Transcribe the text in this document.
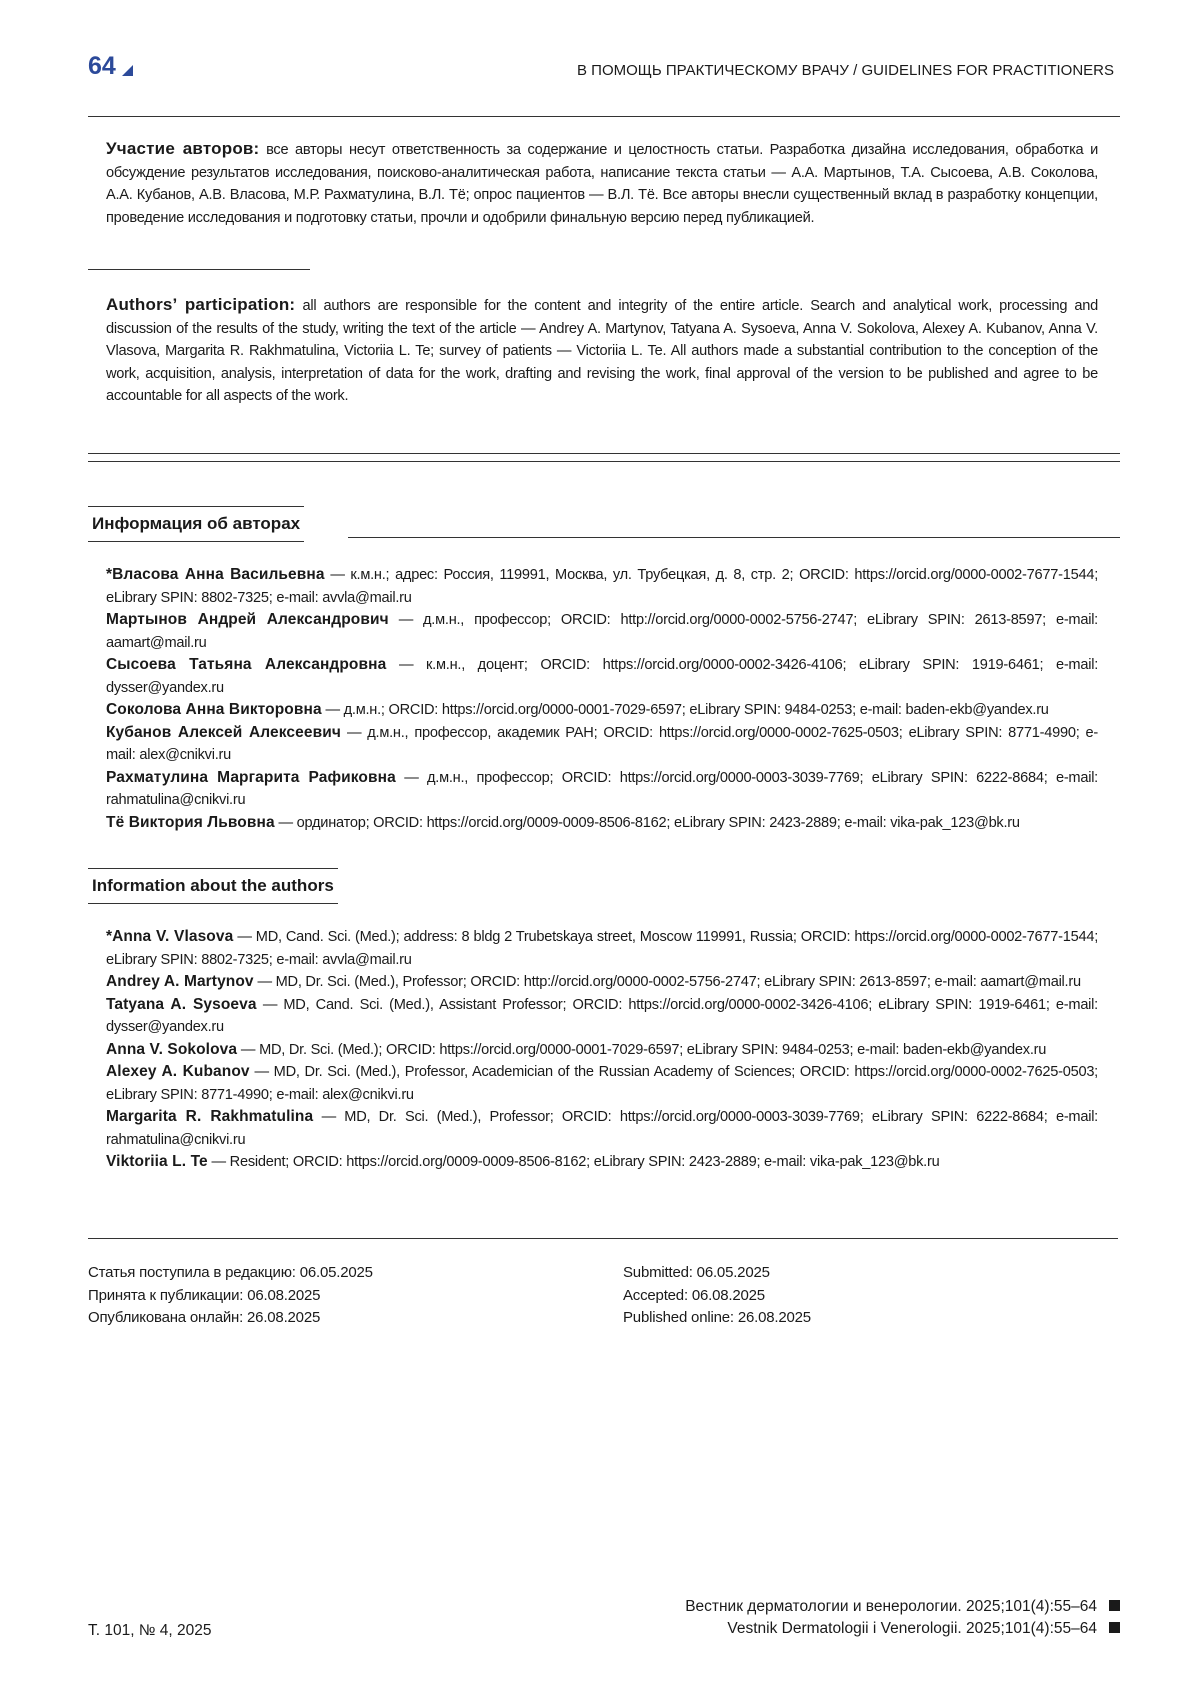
64	В ПОМОЩЬ ПРАКТИЧЕСКОМУ ВРАЧУ / GUIDELINES FOR PRACTITIONERS

Участие авторов: все авторы несут ответственность за содержание и целостность статьи. Разработка дизайна исследования, обработка и обсуждение результатов исследования, поисково-аналитическая работа, написание текста статьи — А.А. Мартынов, Т.А. Сысоева, А.В. Соколова, А.А. Кубанов, А.В. Власова, М.Р. Рахматулина, В.Л. Тё; опрос пациентов — В.Л. Тё. Все авторы внесли существенный вклад в разработку концепции, проведение исследования и подготовку статьи, прочли и одобрили финальную версию перед публикацией.

Authors’ participation: all authors are responsible for the content and integrity of the entire article. Search and analytical work, processing and discussion of the results of the study, writing the text of the article — Andrey A. Martynov, Tatyana A. Sysoeva, Anna V. Sokolova, Alexey A. Kubanov, Anna V. Vlasova, Margarita R. Rakhmatulina, Victoriia L. Te; survey of patients — Victoriia L. Te. All authors made a substantial contribution to the conception of the work, acquisition, analysis, interpretation of data for the work, drafting and revising the work, final approval of the version to be published and agree to be accountable for all aspects of the work.

Информация об авторах
*Власова Анна Васильевна — к.м.н.; адрес: Россия, 119991, Москва, ул. Трубецкая, д. 8, стр. 2; ORCID: https://orcid.org/0000-0002-7677-1544; eLibrary SPIN: 8802-7325; e-mail: avvla@mail.ru
Мартынов Андрей Александрович — д.м.н., профессор; ORCID: http://orcid.org/0000-0002-5756-2747; eLibrary SPIN: 2613-8597; e-mail: aamart@mail.ru
Сысоева Татьяна Александровна — к.м.н., доцент; ORCID: https://orcid.org/0000-0002-3426-4106; eLibrary SPIN: 1919-6461; e-mail: dysser@yandex.ru
Соколова Анна Викторовна — д.м.н.; ORCID: https://orcid.org/0000-0001-7029-6597; eLibrary SPIN: 9484-0253; e-mail: baden-ekb@yandex.ru
Кубанов Алексей Алексеевич — д.м.н., профессор, академик РАН; ORCID: https://orcid.org/0000-0002-7625-0503; eLibrary SPIN: 8771-4990; e-mail: alex@cnikvi.ru
Рахматулина Маргарита Рафиковна — д.м.н., профессор; ORCID: https://orcid.org/0000-0003-3039-7769; eLibrary SPIN: 6222-8684; e-mail: rahmatulina@cnikvi.ru
Тё Виктория Львовна — ординатор; ORCID: https://orcid.org/0009-0009-8506-8162; eLibrary SPIN: 2423-2889; e-mail: vika-pak_123@bk.ru
Information about the authors
*Anna V. Vlasova — MD, Cand. Sci. (Med.); address: 8 bldg 2 Trubetskaya street, Moscow 119991, Russia; ORCID: https://orcid.org/0000-0002-7677-1544; eLibrary SPIN: 8802-7325; e-mail: avvla@mail.ru
Andrey A. Martynov — MD, Dr. Sci. (Med.), Professor; ORCID: http://orcid.org/0000-0002-5756-2747; eLibrary SPIN: 2613-8597; e-mail: aamart@mail.ru
Tatyana A. Sysoeva — MD, Cand. Sci. (Med.), Assistant Professor; ORCID: https://orcid.org/0000-0002-3426-4106; eLibrary SPIN: 1919-6461; e-mail: dysser@yandex.ru
Anna V. Sokolova — MD, Dr. Sci. (Med.); ORCID: https://orcid.org/0000-0001-7029-6597; eLibrary SPIN: 9484-0253; e-mail: baden-ekb@yandex.ru
Alexey A. Kubanov — MD, Dr. Sci. (Med.), Professor, Academician of the Russian Academy of Sciences; ORCID: https://orcid.org/0000-0002-7625-0503; eLibrary SPIN: 8771-4990; e-mail: alex@cnikvi.ru
Margarita R. Rakhmatulina — MD, Dr. Sci. (Med.), Professor; ORCID: https://orcid.org/0000-0003-3039-7769; eLibrary SPIN: 6222-8684; e-mail: rahmatulina@cnikvi.ru
Viktoriia L. Te — Resident; ORCID: https://orcid.org/0009-0009-8506-8162; eLibrary SPIN: 2423-2889; e-mail: vika-pak_123@bk.ru
Статья поступила в редакцию: 06.05.2025
Принята к публикации: 06.08.2025
Опубликована онлайн: 26.08.2025
Submitted: 06.05.2025
Accepted: 06.08.2025
Published online: 26.08.2025
Т. 101, № 4, 2025
Вестник дерматологии и венерологии. 2025;101(4):55–64
Vestnik Dermatologii i Venerologii. 2025;101(4):55–64
